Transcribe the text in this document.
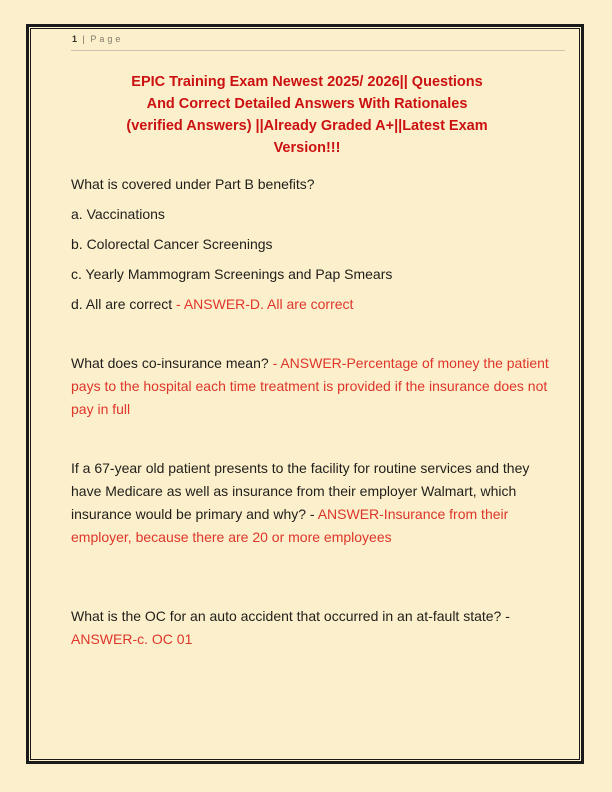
1 | Page
EPIC Training Exam Newest 2025/ 2026|| Questions
And Correct Detailed Answers With Rationales
(verified Answers) ||Already Graded A+||Latest Exam
Version!!!

What is covered under Part B benefits?

a. Vaccinations

b. Colorectal Cancer Screenings

c. Yearly Mammogram Screenings and Pap Smears

d. All are correct - ANSWER-D. All are correct

What does co-insurance mean? - ANSWER-Percentage of money the patient pays to the hospital each time treatment is provided if the insurance does not pay in full

If a 67-year old patient presents to the facility for routine services and they have Medicare as well as insurance from their employer Walmart, which insurance would be primary and why? - ANSWER-Insurance from their employer, because there are 20 or more employees

What is the OC for an auto accident that occurred in an at-fault state? - ANSWER-c. OC 01
